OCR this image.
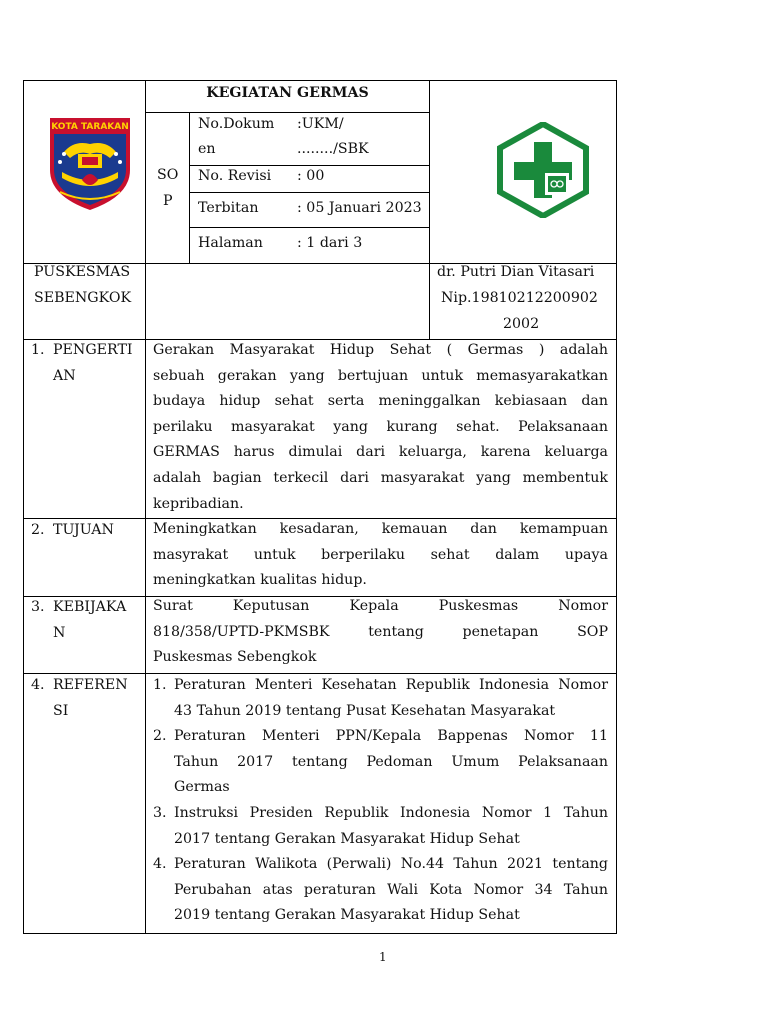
KOTA TARAKAN
KEGIATAN GERMAS
SO
P
No.Dokum
en
:UKM/
......../SBK
No. Revisi : 00
Terbitan	: 05 Januari 2023
Halaman : 1 dari 3
PUSKESMAS
SEBENGKOK
dr. Putri Dian Vitasari
Nip.19810212200902
2002
1. PENGERTI
AN
Gerakan Masyarakat Hidup Sehat ( Germas ) adalah
sebuah gerakan yang bertujuan untuk memasyarakatkan
budaya hidup sehat serta meninggalkan kebiasaan dan
perilaku masyarakat yang kurang sehat. Pelaksanaan
GERMAS harus dimulai dari keluarga, karena keluarga
adalah bagian terkecil dari masyarakat yang membentuk
kepribadian.
2. TUJUAN	Meningkatkan kesadaran, kemauan dan kemampuan
masyrakat untuk berperilaku sehat dalam upaya
meningkatkan kualitas hidup.
3. KEBIJAKA
N
Surat Keputusan Kepala Puskesmas Nomor
818/358/UPTD-PKMSBK tentang penetapan SOP
Puskesmas Sebengkok
4. REFEREN
SI
1. Peraturan Menteri Kesehatan Republik Indonesia Nomor
43 Tahun 2019 tentang Pusat Kesehatan Masyarakat
2. Peraturan Menteri PPN/Kepala Bappenas Nomor 11
Tahun 2017 tentang Pedoman Umum Pelaksanaan
Germas
3. Instruksi Presiden Republik Indonesia Nomor 1 Tahun
2017 tentang Gerakan Masyarakat Hidup Sehat
4. Peraturan Walikota (Perwali) No.44 Tahun 2021 tentang
Perubahan atas peraturan Wali Kota Nomor 34 Tahun
2019 tentang Gerakan Masyarakat Hidup Sehat
1
